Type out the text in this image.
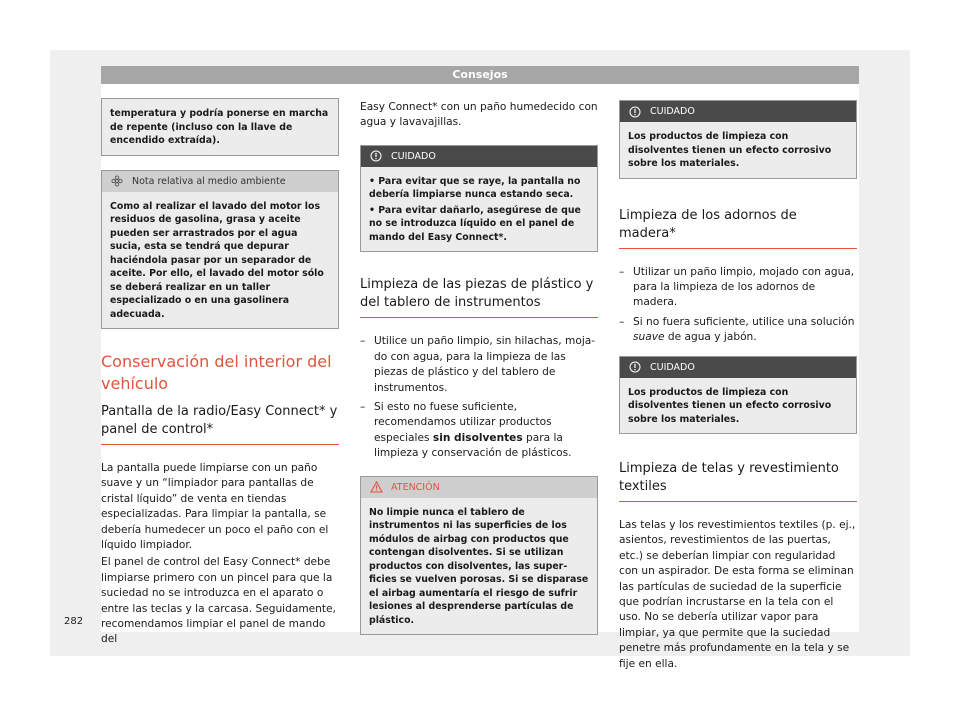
Consejos
temperatura y podría ponerse en marcha de repente (incluso con la llave de encendido extraída).
Nota relativa al medio ambiente
Como al realizar el lavado del motor los residuos de gasolina, grasa y aceite pueden ser arrastrados por el agua sucia, esta se tendrá que depurar haciéndola pasar por un separador de aceite. Por ello, el lavado del motor sólo se deberá realizar en un taller especializado o en una gasolinera adecuada.
Conservación del interior del vehículo
Pantalla de la radio/Easy Connect* y panel de control*

La pantalla puede limpiarse con un paño suave y un “limpiador para pantallas de cristal líquido” de venta en tiendas especializadas. Para limpiar la pantalla, se debería humedecer un poco el paño con el líquido limpiador.

El panel de control del Easy Connect* debe limpiarse primero con un pincel para que la suciedad no se introduzca en el aparato o entre las teclas y la carcasa. Seguidamente, recomendamos limpiar el panel de mando del

Easy Connect* con un paño humedecido con agua y lavavajillas.

CUIDADO

• Para evitar que se raye, la pantalla no debería limpiarse nunca estando seca.

• Para evitar dañarlo, asegúrese de que no se introduzca líquido en el panel de mando del Easy Connect*.

Limpieza de las piezas de plástico y del tablero de instrumentos
– Utilice un paño limpio, sin hilachas, mojado con agua, para la limpieza de las piezas de plástico y del tablero de instrumentos.
– Si esto no fuese suficiente, recomendamos utilizar productos especiales sin disolventes para la limpieza y conservación de plásticos.
ATENCIÓN
No limpie nunca el tablero de instrumentos ni las superficies de los módulos de airbag con productos que contengan disolventes. Si se utilizan productos con disolventes, las superficies se vuelven porosas. Si se disparase el airbag aumentaría el riesgo de sufrir lesiones al desprenderse partículas de plástico.
CUIDADO
Los productos de limpieza con disolventes tienen un efecto corrosivo sobre los materiales.
Limpieza de los adornos de madera*
– Utilizar un paño limpio, mojado con agua, para la limpieza de los adornos de madera.
– Si no fuera suficiente, utilice una solución suave de agua y jabón.
CUIDADO
Los productos de limpieza con disolventes tienen un efecto corrosivo sobre los materiales.
Limpieza de telas y revestimiento textiles

Las telas y los revestimientos textiles (p. ej., asientos, revestimientos de las puertas, etc.) se deberían limpiar con regularidad con un aspirador. De esta forma se eliminan las partículas de suciedad de la superficie que podrían incrustarse en la tela con el uso. No se debería utilizar vapor para limpiar, ya que permite que la suciedad penetre más profundamente en la tela y se fije en ella.

282
